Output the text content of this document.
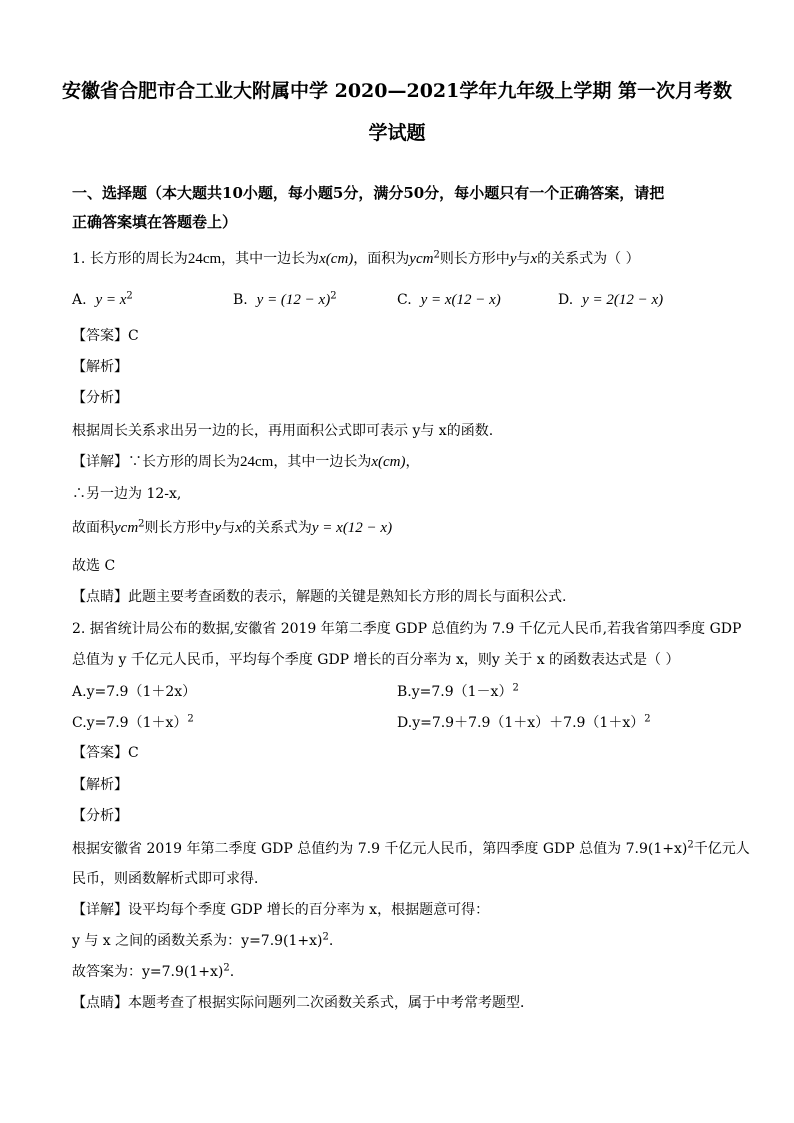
安徽省合肥市合工业大附属中学 2020—2021学年九年级上学期 第一次月考数学试题
一、选择题（本大题共10小题，每小题5分，满分50分，每小题只有一个正确答案，请把
正确答案填在答题卷上）
1. 长方形的周长为24cm，其中一边长为x(cm)，面积为ycm$^2$则长方形中y与x的关系式为（ ）
A. $y = x^2$	B. $y = (12 - x)^2$	C. y = x(12 − x)	D. y = 2(12 − x)
【答案】C
【解析】
【分析】
根据周长关系求出另一边的长，再用面积公式即可表示 y与 x的函数.
【详解】∵长方形的周长为24cm，其中一边长为x(cm)，
∴另一边为 12-x,
故面积ycm$^2$则长方形中y与x的关系式为y = x(12 − x)
故选 C
【点睛】此题主要考查函数的表示，解题的关键是熟知长方形的周长与面积公式.
2. 据省统计局公布的数据,安徽省 2019 年第二季度 GDP 总值约为 7.9 千亿元人民币,若我省第四季度 GDP
总值为 y 千亿元人民币，平均每个季度 GDP 增长的百分率为 x，则y 关于 x 的函数表达式是（ ）
A.y=7.9（1＋2x）	$B.y=7.9(1-x)^2$
$C.y=7.9(1+x)^2$	$D.y=7.9+7.9(1+x)+7.9(1+x)^2$
【答案】C
【解析】
【分析】
根据安徽省 2019 年第二季度 GDP 总值约为 7.9 千亿元人民币，第四季度 GDP 总值为 $7.9(1+x)^2$千亿元人
民币，则函数解析式即可求得．
【详解】设平均每个季度 GDP 增长的百分率为 x，根据题意可得：
y 与 x 之间的函数关系为：$y=7.9(1+x)^2$.
故答案为：$y=7.9(1+x)^2$.
【点睛】本题考查了根据实际问题列二次函数关系式，属于中考常考题型．
